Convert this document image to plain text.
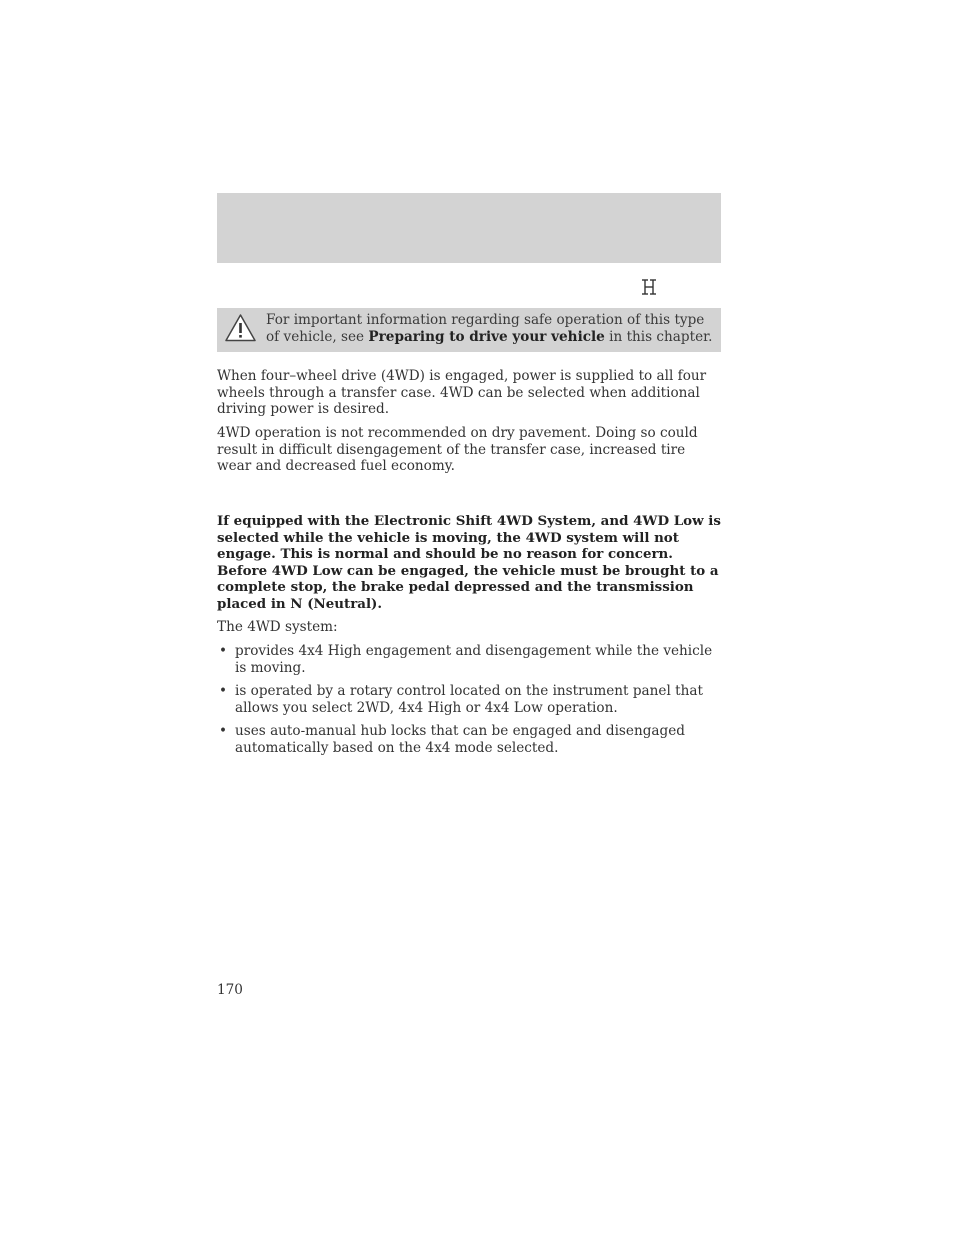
For important information regarding safe operation of this type of vehicle, see Preparing to drive your vehicle in this chapter.

When four–wheel drive (4WD) is engaged, power is supplied to all four wheels through a transfer case. 4WD can be selected when additional driving power is desired.

4WD operation is not recommended on dry pavement. Doing so could result in difficult disengagement of the transfer case, increased tire wear and decreased fuel economy.

If equipped with the Electronic Shift 4WD System, and 4WD Low is selected while the vehicle is moving, the 4WD system will not engage. This is normal and should be no reason for concern. Before 4WD Low can be engaged, the vehicle must be brought to a complete stop, the brake pedal depressed and the transmission placed in N (Neutral).

The 4WD system:

• provides 4x4 High engagement and disengagement while the vehicle is moving.
• is operated by a rotary control located on the instrument panel that allows you select 2WD, 4x4 High or 4x4 Low operation.
• uses auto-manual hub locks that can be engaged and disengaged automatically based on the 4x4 mode selected.
170
